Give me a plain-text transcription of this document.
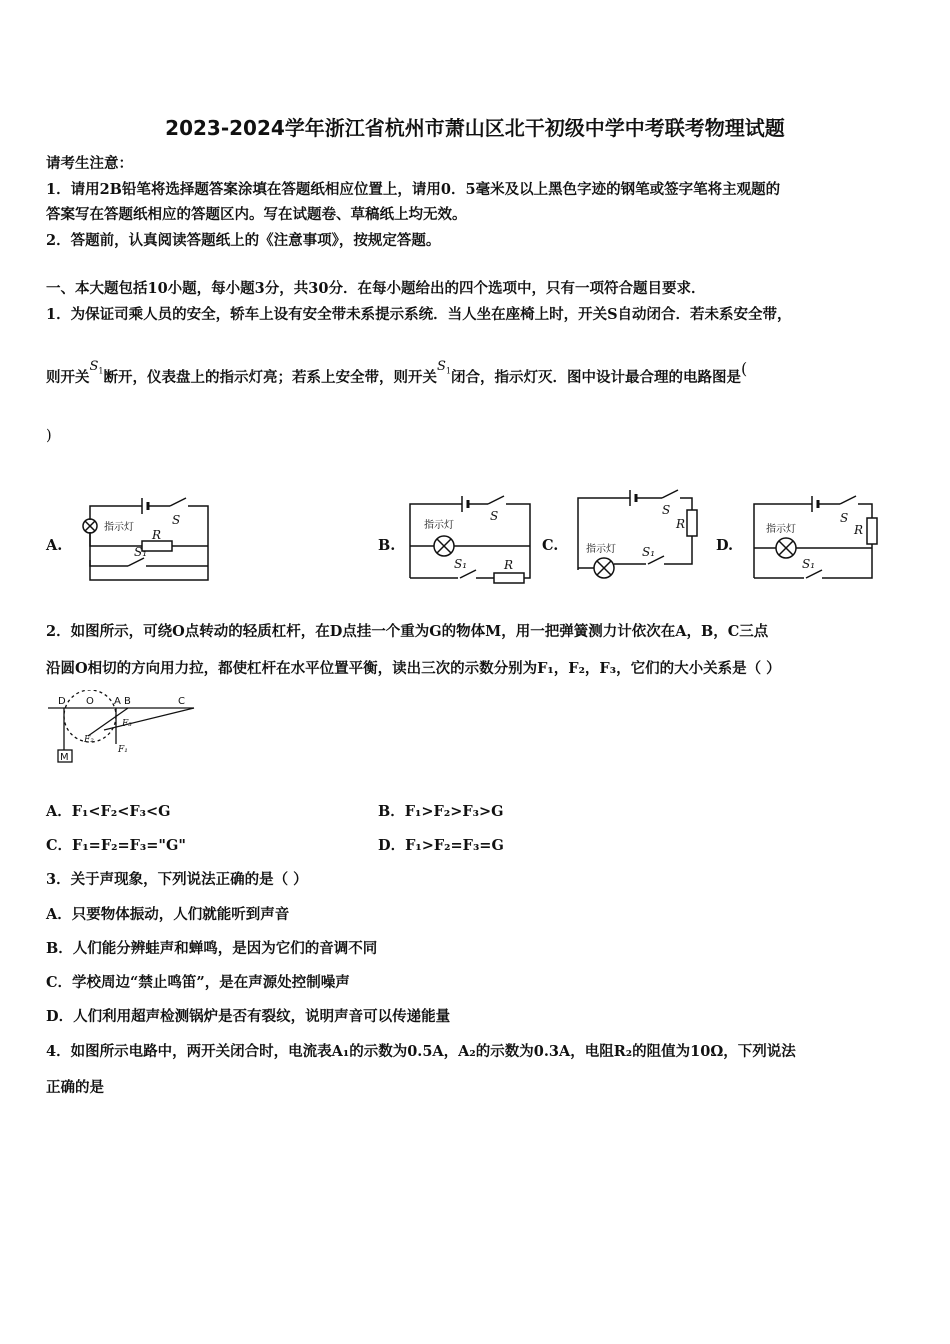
2023-2024学年浙江省杭州市萧山区北干初级中学中考联考物理试题
请考生注意：
1．请用2B铅笔将选择题答案涂填在答题纸相应位置上，请用0．5毫米及以上黑色字迹的钢笔或签字笔将主观题的
答案写在答题纸相应的答题区内。写在试题卷、草稿纸上均无效。
2．答题前，认真阅读答题纸上的《注意事项》，按规定答题。
一、本大题包括10小题，每小题3分，共30分．在每小题给出的四个选项中，只有一项符合题目要求．
1．为保证司乘人员的安全，轿车上设有安全带未系提示系统．当人坐在座椅上时，开关S自动闭合．若未系安全带，
则开关$S_1$断开，仪表盘上的指示灯亮；若系上安全带，则开关$S_1$闭合，指示灯灭．图中设计最合理的电路图是(
)
A.	B.	C.	D.
指示灯
S
R
S₁
指示灯
S
S₁	R
指示灯
S
R
S₁
指示灯
S
R
S₁
2．如图所示，可绕O点转动的轻质杠杆，在D点挂一个重为G的物体M，用一把弹簧测力计依次在A，B，C三点
沿圆O相切的方向用力拉，都使杠杆在水平位置平衡，读出三次的示数分别为F₁，F₂，F₃，它们的大小关系是（ ）
D O A B	C
M
F₁
F₂
F₃
A．F₁<F₂<F₃<G	B．F₁>F₂>F₃>G
C．F₁=F₂=F₃="G"	D．F₁>F₂=F₃=G
3．关于声现象，下列说法正确的是（ ）
A．只要物体振动，人们就能听到声音
B．人们能分辨蛙声和蝉鸣，是因为它们的音调不同
C．学校周边“禁止鸣笛”，是在声源处控制噪声
D．人们利用超声检测锅炉是否有裂纹，说明声音可以传递能量
4．如图所示电路中，两开关闭合时，电流表A₁的示数为0.5A，A₂的示数为0.3A，电阻R₂的阻值为10Ω，下列说法
正确的是
